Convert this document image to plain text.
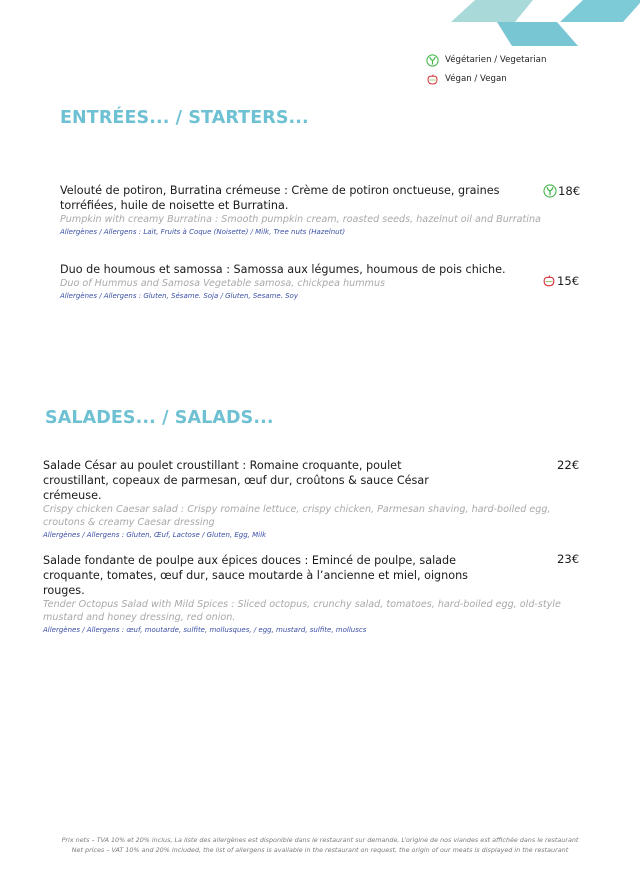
Végétarien / Vegetarian
Végan / Vegan
ENTRÉES... / STARTERS...
Velouté de potiron, Burratina crémeuse : Crème de potiron onctueuse, graines torréfiées, huile de noisette et Burratina.
Pumpkin with creamy Burratina : Smooth pumpkin cream, roasted seeds, hazelnut oil and Burratina
Allergènes / Allergens : Lait, Fruits à Coque (Noisette) / Milk, Tree nuts (Hazelnut)
18€
Duo de houmous et samossa : Samossa aux légumes, houmous de pois chiche.
Duo of Hummus and Samosa Vegetable samosa, chickpea hummus
Allergènes / Allergens : Gluten, Sésame. Soja / Gluten, Sesame. Soy
15€
SALADES... / SALADS...
Salade César au poulet croustillant : Romaine croquante, poulet croustillant, copeaux de parmesan, œuf dur, croûtons & sauce César crémeuse.
Crispy chicken Caesar salad : Crispy romaine lettuce, crispy chicken, Parmesan shaving, hard-boiled egg, croutons & creamy Caesar dressing
Allergènes / Allergens : Gluten, Œuf, Lactose / Gluten, Egg, Milk
22€
Salade fondante de poulpe aux épices douces : Emincé de poulpe, salade croquante, tomates, œuf dur, sauce moutarde à l’ancienne et miel, oignons rouges.
Tender Octopus Salad with Mild Spices : Sliced octopus, crunchy salad, tomatoes, hard-boiled egg, old-style mustard and honey dressing, red onion.
Allergènes / Allergens : œuf, moutarde, sulfite, mollusques, / egg, mustard, sulfite, molluscs
23€
Prix nets – TVA 10% et 20% inclus, La liste des allergènes est disponible dans le restaurant sur demande, L’origine de nos viandes est affichée dans le restaurant
Net prices – VAT 10% and 20% included, the list of allergens is available in the restaurant on request, the origin of our meats is displayed in the restaurant
